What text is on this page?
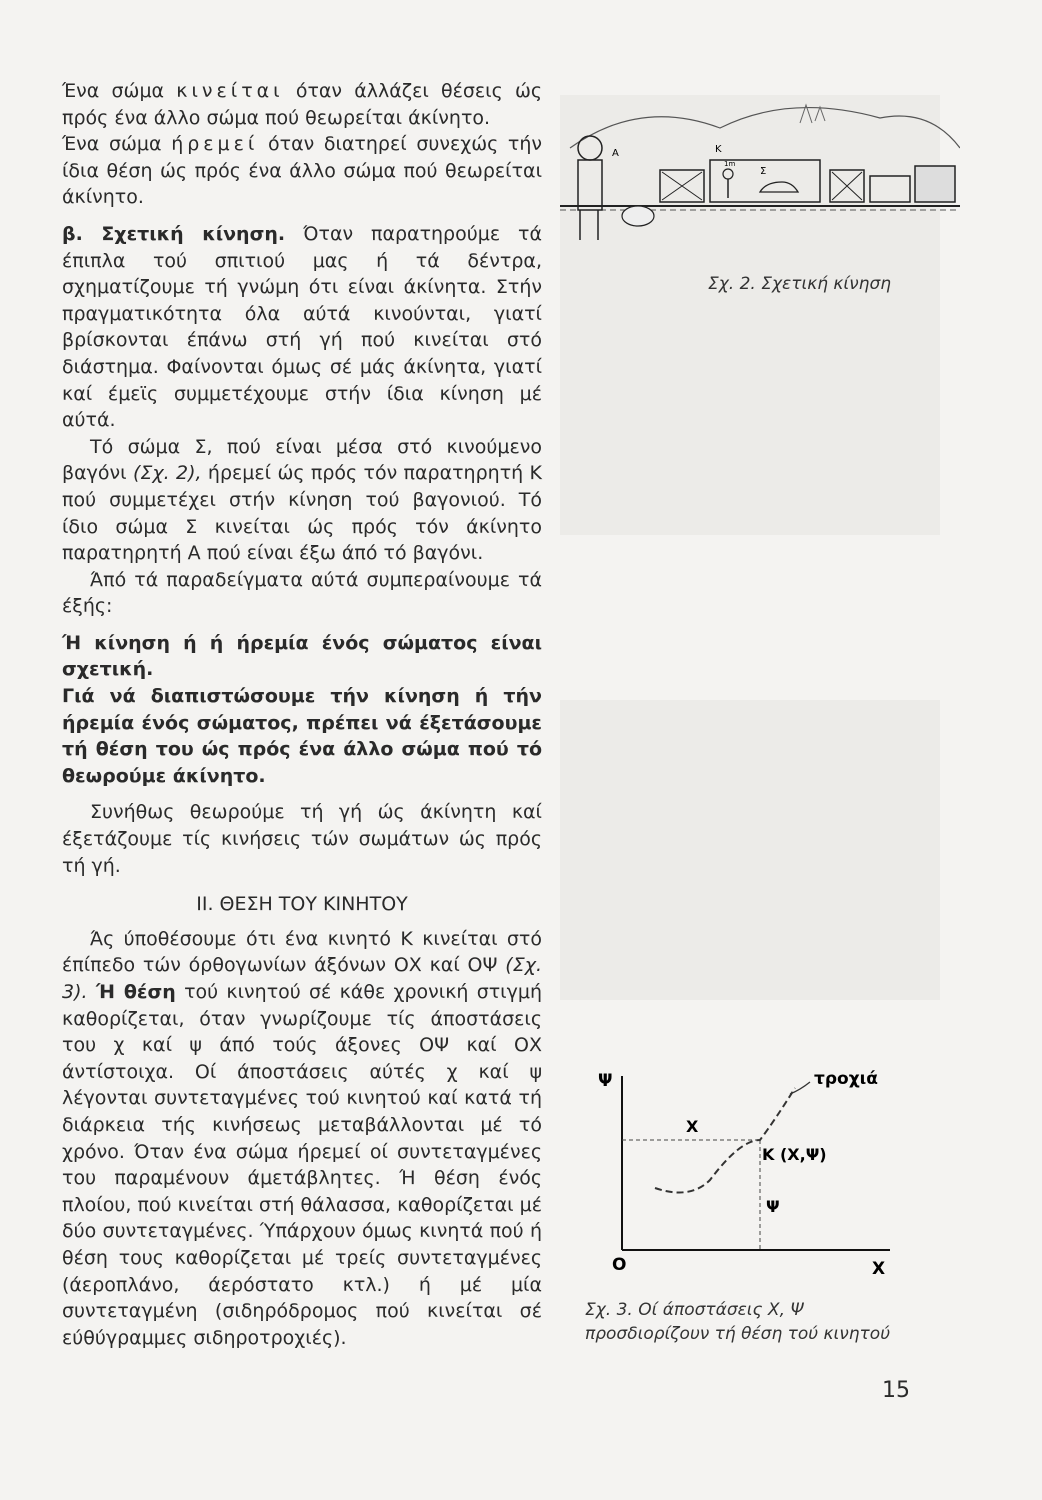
Ένα σώμα κινείται όταν άλλάζει θέσεις ώς πρός ένα άλλο σώμα πού θεωρείται άκίνητο.

Ένα σώμα ήρεμεί όταν διατηρεί συνεχώς τήν ίδια θέση ώς πρός ένα άλλο σώμα πού θεωρείται άκίνητο.

β. Σχετική κίνηση. Όταν παρατηρούμε τά έπιπλα τού σπιτιού μας ή τά δέντρα, σχηματίζουμε τή γνώμη ότι είναι άκίνητα. Στήν πραγματικότητα όλα αύτά κινούνται, γιατί βρίσκονται έπάνω στή γή πού κινείται στό διάστημα. Φαίνονται όμως σέ μάς άκίνητα, γιατί καί έμεϊς συμμετέχουμε στήν ίδια κίνηση μέ αύτά.

Τό σώμα Σ, πού είναι μέσα στό κινούμενο βαγόνι (Σχ. 2), ήρεμεί ώς πρός τόν παρατηρητή Κ πού συμμετέχει στήν κίνηση τού βαγονιού. Τό ίδιο σώμα Σ κινείται ώς πρός τόν άκίνητο παρατηρητή Α πού είναι έξω άπό τό βαγόνι.

Άπό τά παραδείγματα αύτά συμπεραίνουμε τά έξής:

Ή κίνηση ή ή ήρεμία ένός σώματος είναι σχετική.

Γιά νά διαπιστώσουμε τήν κίνηση ή τήν ήρεμία ένός σώματος, πρέπει νά έξετάσουμε τή θέση του ώς πρός ένα άλλο σώμα πού τό θεωρούμε άκίνητο.

Συνήθως θεωρούμε τή γή ώς άκίνητη καί έξετάζουμε τίς κινήσεις τών σωμάτων ώς πρός τή γή.

ΙΙ. ΘΕΣΗ ΤΟΥ ΚΙΝΗΤΟΥ

Άς ύποθέσουμε ότι ένα κινητό Κ κινείται στό έπίπεδο τών όρθογωνίων άξόνων ΟΧ καί ΟΨ (Σχ. 3). Ή θέση τού κινητού σέ κάθε χρονική στιγμή καθορίζεται, όταν γνωρίζουμε τίς άποστάσεις του χ καί ψ άπό τούς άξονες ΟΨ καί ΟΧ άντίστοιχα. Οί άποστάσεις αύτές χ καί ψ λέγονται συντεταγμένες τού κινητού καί κατά τή διάρκεια τής κινήσεως μεταβάλλονται μέ τό χρόνο. Όταν ένα σώμα ήρεμεί οί συντεταγμένες του παραμένουν άμετάβλητες. Ή θέση ένός πλοίου, πού κινείται στή θάλασσα, καθορίζεται μέ δύο συντεταγμένες. Ύπάρχουν όμως κινητά πού ή θέση τους καθορίζεται μέ τρείς συντεταγμένες (άεροπλάνο, άερόστατο κτλ.) ή μέ μία συντεταγμένη (σιδηρόδρομος πού κινείται σέ εύθύγραμμες σιδηροτροχιές).

Α	Κ
1m
Σ
Σχ. 2. Σχετική κίνηση
Ψ
Χ
Ο
τροχιά
Χ
Κ (Χ,Ψ)
Ψ
Σχ. 3. Οί άποστάσεις Χ, Ψ προσδιορίζουν τή θέση τού κινητού
15
